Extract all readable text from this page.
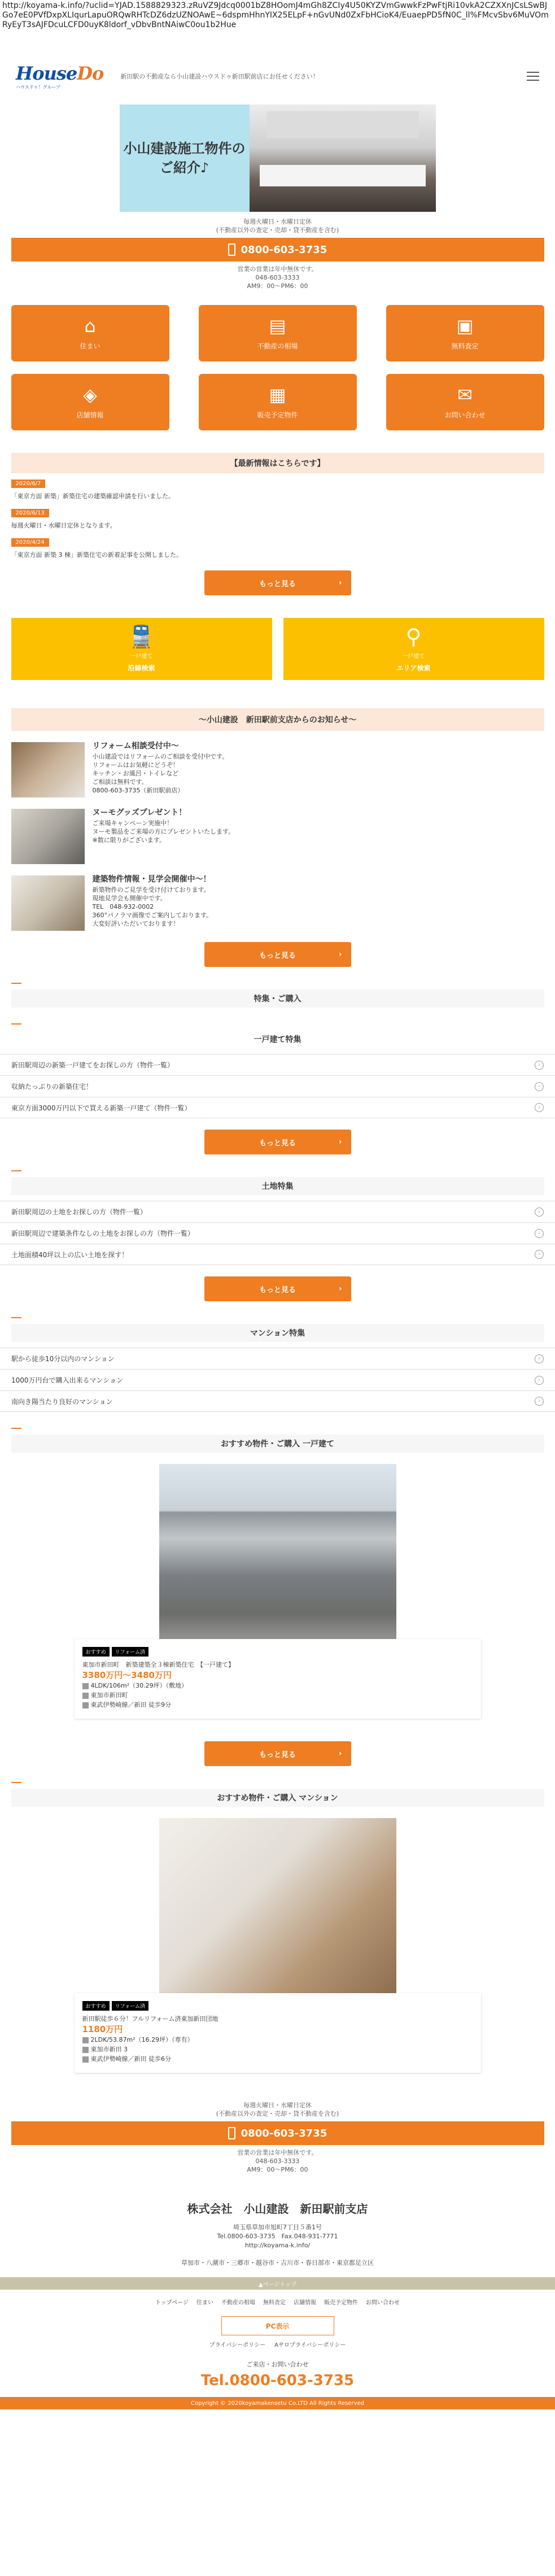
http://koyama-k.info/?uclid=YJAD.1588829323.zRuVZ9Jdcq0001bZ8HOomJ4mGh8ZCIy4U50KYZVmGwwkFzPwFtjRi10vkA2CZXXnJCsLSwBJGo7eE0PVfDxpXLIqurLapuORQwRHTcDZ6dzUZNOAwE~6dspmHhnYIX25ELpF+nGvUNd0ZxFbHCioK4/EuaepPD5fN0C_ll%FMcvSbv6MuVOmRyEyT3sAJFDcuLCFD0uyK8ldorf_vDbvBntNAiwC0ou1b2Hue
HouseDo
ハウスドゥ！グループ
新田駅の不動産なら小山建設ハウスドゥ新田駅前店にお任せください！
小山建設施工物件の
ご紹介♪
毎週火曜日・水曜日定休
(不動産以外の査定・売却・貸不動産を含む)
0800-603-3735
営業の営業は年中無休です。
048-603-3333
AM9：00〜PM6：00
⌂
住まい
▤
不動産の相場
▣
無料査定
◈
店舗情報
▦
販売予定物件
✉
お問い合わせ
【最新情報はこちらです】
2020/6/7
「東京方面 新築」新築住宅の建築確認申請を行いました。
2020/6/13
毎週火曜日・水曜日定休となります。
2020/4/24
「東京方面 新築 3 棟」新築住宅の新着記事を公開しました。
もっと見る	›
🚆
一戸建て
沿線検索
⚲
一戸建て
エリア検索
〜小山建設　新田駅前支店からのお知らせ〜
リフォーム相談受付中〜
小山建設ではリフォームのご相談を受付中です。
リフォームはお気軽にどうぞ！
キッチン・お風呂・トイレなど
ご相談は無料です。
0800-603-3735（新田駅前店）
ヌーモグッズプレゼント！
ご来場キャンペーン実施中！
ヌーモ製品をご来場の方にプレゼントいたします。
※数に限りがございます。
建築物件情報・見学会開催中〜！
新築物件のご見学を受け付けております。
現地見学会も開催中です。
TEL　048-932-0002
360°パノラマ画像でご案内しております。
大変好評いただいております！
もっと見る	›
特集・ご購入
一戸建て特集
新田駅周辺の新築一戸建てをお探しの方（物件一覧）	›
収納たっぷりの新築住宅！	›
東京方面3000万円以下で買える新築一戸建て（物件一覧）	›
もっと見る	›
土地特集
新田駅周辺の土地をお探しの方（物件一覧）	›
新田駅周辺で建築条件なしの土地をお探しの方（物件一覧）	›
土地面積40坪以上の広い土地を探す！	›
もっと見る	›
マンション特集
駅から徒歩10分以内のマンション	›
1000万円台で購入出来るマンション	›
南向き陽当たり良好のマンション	›
おすすめ物件・ご購入 一戸建て
おすすめ	リフォーム済
東加市新田町　新築建築全３棟新築住宅　【一戸建て】
3380万円〜3480万円
4LDK/106m²（30.29坪）（敷地）
東加市新田町
東武伊勢崎線／新田 徒歩9分
もっと見る	›
おすすめ物件・ご購入 マンション
おすすめ	リフォーム済
新田駅徒歩６分！フルリフォーム済東加新田団地
1180万円
2LDK/53.87m²（16.29坪）（専有）
東加市新田 3
東武伊勢崎線／新田 徒歩6分
毎週火曜日・水曜日定休
(不動産以外の査定・売却・貸不動産を含む)
0800-603-3735
営業の営業は年中無休です。
048-603-3333
AM9：00〜PM6：00
株式会社　小山建設　新田駅前支店
埼玉県草加市旭町7丁目５番1号
Tel.0800-603-3735　Fax.048-931-7771
http://koyama-k.info/
草加市・八潮市・三郷市・越谷市・吉川市・春日部市・東京都足立区
▲ページトップ
トップページ 住まい 不動産の相場 無料査定 店舗情報 販売予定物件 お問い合わせ
PC表示
プライバシーポリシー Aサロプライバシーポリシー
ご来店・お問い合わせ
Tel.0800-603-3735
Copyright © 2020koyamakensetu Co.LTD All Rights Reserved
